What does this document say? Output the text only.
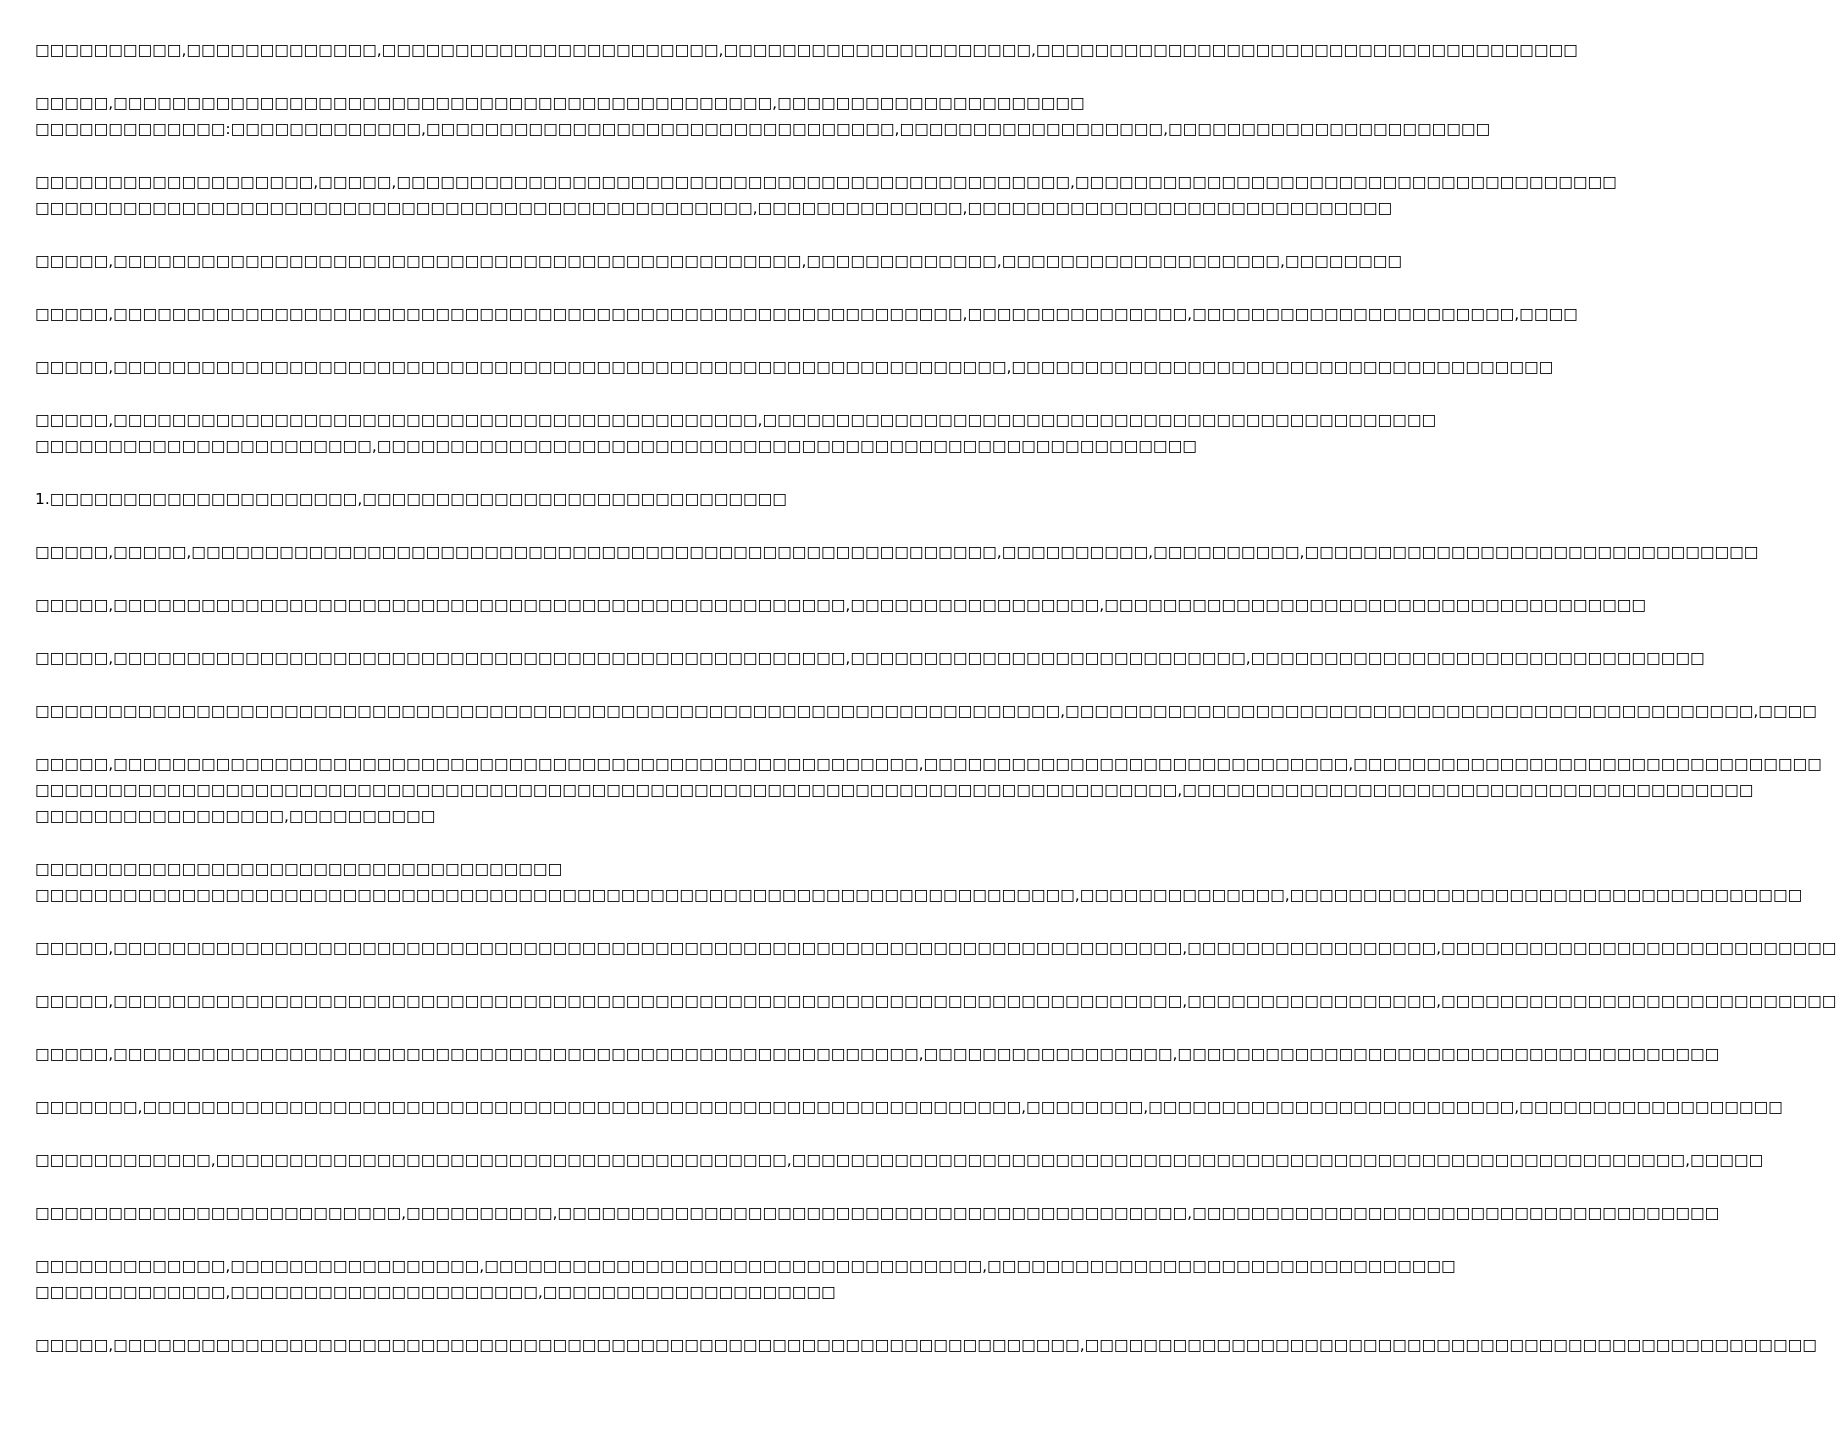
□□□□□□□□□□,□□□□□□□□□□□□□,□□□□□□□□□□□□□□□□□□□□□□□,□□□□□□□□□□□□□□□□□□□□□,□□□□□□□□□□□□□□□□□□□□□□□□□□□□□□□□□□□□□

□□□□□,□□□□□□□□□□□□□□□□□□□□□□□□□□□□□□□□□□□□□□□□□□□□□,□□□□□□□□□□□□□□□□□□□□□
□□□□□□□□□□□□□:□□□□□□□□□□□□□,□□□□□□□□□□□□□□□□□□□□□□□□□□□□□□□□,□□□□□□□□□□□□□□□□□□,□□□□□□□□□□□□□□□□□□□□□□

□□□□□□□□□□□□□□□□□□□,□□□□□,□□□□□□□□□□□□□□□□□□□□□□□□□□□□□□□□□□□□□□□□□□□□□□,□□□□□□□□□□□□□□□□□□□□□□□□□□□□□□□□□□□□□
□□□□□□□□□□□□□□□□□□□□□□□□□□□□□□□□□□□□□□□□□□□□□□□□□,□□□□□□□□□□□□□□,□□□□□□□□□□□□□□□□□□□□□□□□□□□□□

□□□□□,□□□□□□□□□□□□□□□□□□□□□□□□□□□□□□□□□□□□□□□□□□□□□□□,□□□□□□□□□□□□□,□□□□□□□□□□□□□□□□□□□,□□□□□□□□

□□□□□,□□□□□□□□□□□□□□□□□□□□□□□□□□□□□□□□□□□□□□□□□□□□□□□□□□□□□□□□□□,□□□□□□□□□□□□□□□,□□□□□□□□□□□□□□□□□□□□□□,□□□□

□□□□□,□□□□□□□□□□□□□□□□□□□□□□□□□□□□□□□□□□□□□□□□□□□□□□□□□□□□□□□□□□□□□,□□□□□□□□□□□□□□□□□□□□□□□□□□□□□□□□□□□□□

□□□□□,□□□□□□□□□□□□□□□□□□□□□□□□□□□□□□□□□□□□□□□□□□□□,□□□□□□□□□□□□□□□□□□□□□□□□□□□□□□□□□□□□□□□□□□□□□□
□□□□□□□□□□□□□□□□□□□□□□□,□□□□□□□□□□□□□□□□□□□□□□□□□□□□□□□□□□□□□□□□□□□□□□□□□□□□□□□□

1.□□□□□□□□□□□□□□□□□□□□□,□□□□□□□□□□□□□□□□□□□□□□□□□□□□□

□□□□□,□□□□□,□□□□□□□□□□□□□□□□□□□□□□□□□□□□□□□□□□□□□□□□□□□□□□□□□□□□□□□,□□□□□□□□□□,□□□□□□□□□□,□□□□□□□□□□□□□□□□□□□□□□□□□□□□□□□

□□□□□,□□□□□□□□□□□□□□□□□□□□□□□□□□□□□□□□□□□□□□□□□□□□□□□□□□,□□□□□□□□□□□□□□□□□,□□□□□□□□□□□□□□□□□□□□□□□□□□□□□□□□□□□□□

□□□□□,□□□□□□□□□□□□□□□□□□□□□□□□□□□□□□□□□□□□□□□□□□□□□□□□□□,□□□□□□□□□□□□□□□□□□□□□□□□□□□,□□□□□□□□□□□□□□□□□□□□□□□□□□□□□□□

□□□□□□□□□□□□□□□□□□□□□□□□□□□□□□□□□□□□□□□□□□□□□□□□□□□□□□□□□□□□□□□□□□□□□□,□□□□□□□□□□□□□□□□□□□□□□□□□□□□□□□□□□□□□□□□□□□□□□□,□□□□

□□□□□,□□□□□□□□□□□□□□□□□□□□□□□□□□□□□□□□□□□□□□□□□□□□□□□□□□□□□□□,□□□□□□□□□□□□□□□□□□□□□□□□□□□□□,□□□□□□□□□□□□□□□□□□□□□□□□□□□□□□□□
□□□□□□□□□□□□□□□□□□□□□□□□□□□□□□□□□□□□□□□□□□□□□□□□□□□□□□□□□□□□□□□□□□□□□□□□□□□□□□,□□□□□□□□□□□□□□□□□□□□□□□□□□□□□□□□□□□□□□□
□□□□□□□□□□□□□□□□□,□□□□□□□□□□

□□□□□□□□□□□□□□□□□□□□□□□□□□□□□□□□□□□□
□□□□□□□□□□□□□□□□□□□□□□□□□□□□□□□□□□□□□□□□□□□□□□□□□□□□□□□□□□□□□□□□□□□□□□□,□□□□□□□□□□□□□□,□□□□□□□□□□□□□□□□□□□□□□□□□□□□□□□□□□□

□□□□□,□□□□□□□□□□□□□□□□□□□□□□□□□□□□□□□□□□□□□□□□□□□□□□□□□□□□□□□□□□□□□□□□□□□□□□□□□,□□□□□□□□□□□□□□□□□,□□□□□□□□□□□□□□□□□□□□□□□□□□□

□□□□□,□□□□□□□□□□□□□□□□□□□□□□□□□□□□□□□□□□□□□□□□□□□□□□□□□□□□□□□□□□□□□□□□□□□□□□□□□,□□□□□□□□□□□□□□□□□,□□□□□□□□□□□□□□□□□□□□□□□□□□□

□□□□□,□□□□□□□□□□□□□□□□□□□□□□□□□□□□□□□□□□□□□□□□□□□□□□□□□□□□□□□,□□□□□□□□□□□□□□□□□,□□□□□□□□□□□□□□□□□□□□□□□□□□□□□□□□□□□□□

□□□□□□□,□□□□□□□□□□□□□□□□□□□□□□□□□□□□□□□□□□□□□□□□□□□□□□□□□□□□□□□□□□□□,□□□□□□□□,□□□□□□□□□□□□□□□□□□□□□□□□□,□□□□□□□□□□□□□□□□□□

□□□□□□□□□□□□,□□□□□□□□□□□□□□□□□□□□□□□□□□□□□□□□□□□□□□□,□□□□□□□□□□□□□□□□□□□□□□□□□□□□□□□□□□□□□□□□□□□□□□□□□□□□□□□□□□□□□,□□□□□

□□□□□□□□□□□□□□□□□□□□□□□□□,□□□□□□□□□□,□□□□□□□□□□□□□□□□□□□□□□□□□□□□□□□□□□□□□□□□□□□,□□□□□□□□□□□□□□□□□□□□□□□□□□□□□□□□□□□□

□□□□□□□□□□□□□,□□□□□□□□□□□□□□□□□,□□□□□□□□□□□□□□□□□□□□□□□□□□□□□□□□□□,□□□□□□□□□□□□□□□□□□□□□□□□□□□□□□□□
□□□□□□□□□□□□□,□□□□□□□□□□□□□□□□□□□□□,□□□□□□□□□□□□□□□□□□□□

□□□□□,□□□□□□□□□□□□□□□□□□□□□□□□□□□□□□□□□□□□□□□□□□□□□□□□□□□□□□□□□□□□□□□□□□,□□□□□□□□□□□□□□□□□□□□□□□□□□□□□□□□□□□□□□□□□□□□□□□□□□
